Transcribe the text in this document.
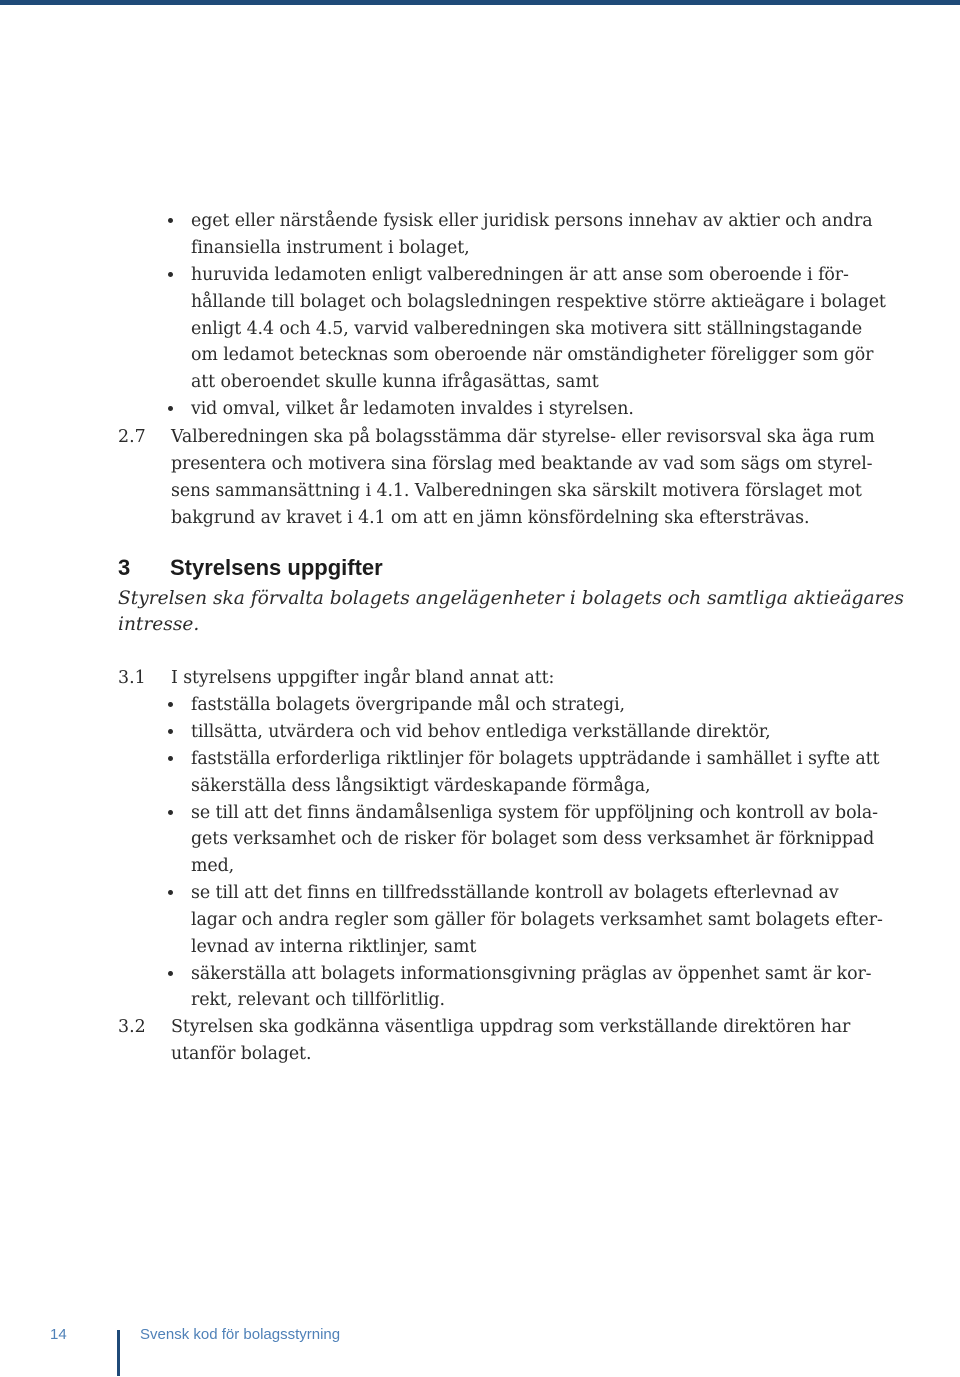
eget eller närstående fysisk eller juridisk persons innehav av aktier och andra
finansiella instrument i bolaget,
huruvida ledamoten enligt valberedningen är att anse som oberoende i för-
hållande till bolaget och bolagsledningen respektive större aktieägare i bolaget
enligt 4.4 och 4.5, varvid valberedningen ska motivera sitt ställningstagande
om ledamot betecknas som oberoende när omständigheter föreligger som gör
att oberoendet skulle kunna ifrågasättas, samt
vid omval, vilket år ledamoten invaldes i styrelsen.
2.7 Valberedningen ska på bolagsstämma där styrelse- eller revisorsval ska äga rum
presentera och motivera sina förslag med beaktande av vad som sägs om styrel-
sens sammansättning i 4.1. Valberedningen ska särskilt motivera förslaget mot
bakgrund av kravet i 4.1 om att en jämn könsfördelning ska eftersträvas.
3 Styrelsens uppgifter
Styrelsen ska förvalta bolagets angelägenheter i bolagets och samtliga aktieägares
intresse.
3.1 I styrelsens uppgifter ingår bland annat att:
fastställa bolagets övergripande mål och strategi,
tillsätta, utvärdera och vid behov entlediga verkställande direktör,
fastställa erforderliga riktlinjer för bolagets uppträdande i samhället i syfte att
säkerställa dess långsiktigt värdeskapande förmåga,
se till att det finns ändamålsenliga system för uppföljning och kontroll av bola-
gets verksamhet och de risker för bolaget som dess verksamhet är förknippad
med,
se till att det finns en tillfredsställande kontroll av bolagets efterlevnad av
lagar och andra regler som gäller för bolagets verksamhet samt bolagets efter-
levnad av interna riktlinjer, samt
säkerställa att bolagets informationsgivning präglas av öppenhet samt är kor-
rekt, relevant och tillförlitlig.
3.2 Styrelsen ska godkänna väsentliga uppdrag som verkställande direktören har
utanför bolaget.
14	Svensk kod för bolagsstyrning
